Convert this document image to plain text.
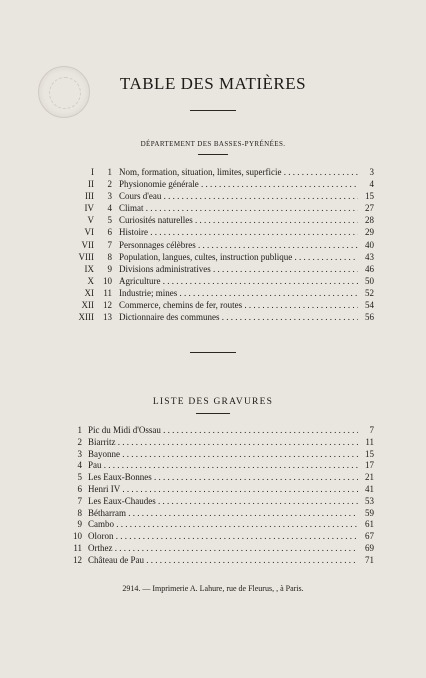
TABLE DES MATIÈRES
DÉPARTEMENT DES BASSES-PYRÉNÉES.
I	1 Nom, formation, situation, limites, superficie . . .	3
II	2 Physionomie générale . . .	4
III	3 Cours d'eau . . .	15
IV	4 Climat . . .	27
V	5 Curiosités naturelles . . .	28
VI	6 Histoire . . .	29
VII	7 Personnages célèbres . . .	40
VIII	8 Population, langues, cultes, instruction publique . . .	43
IX	9 Divisions administratives . . .	46
X	10 Agriculture . . .	50
XI	11 Industrie; mines . . .	52
XII	12 Commerce, chemins de fer, routes . . .	54
XIII	13 Dictionnaire des communes . . .	56
LISTE DES GRAVURES
1 Pic du Midi d'Ossau . . .	7
2 Biarritz . . .	11
3 Bayonne . . .	15
4 Pau . . .	17
5 Les Eaux-Bonnes . . .	21
6 Henri IV . . .	41
7 Les Eaux-Chaudes . . .	53
8 Bétharram . . .	59
9 Cambo . . .	61
10 Oloron . . .	67
11 Orthez . . .	69
12 Château de Pau . . .	71
2914. — Imprimerie A. Lahure, rue de Fleurus, , à Paris.
